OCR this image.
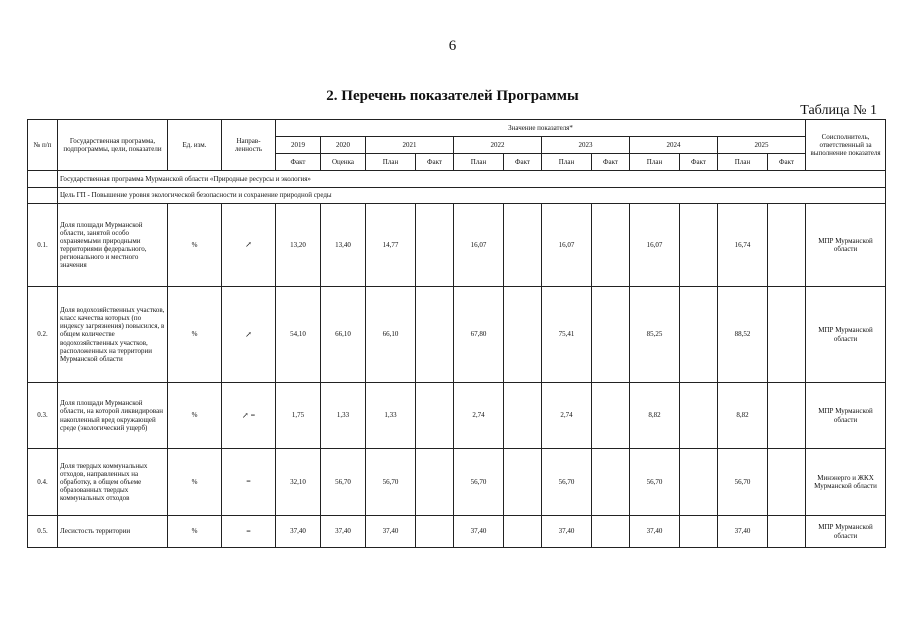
6
2. Перечень показателей Программы
Таблица № 1
№ п/п	Государственная программа, подпрограммы, цели, показатели	Ед. изм.	Направ-ленность	Значение показателя*												Соисполнитель, ответственный за выполнение показателя
				2019	2020	2021		2022		2023		2024		2025		
				Факт	Оценка	План	Факт	План	Факт	План	Факт	План	Факт	План	Факт	
	Государственная программа Мурманской области «Природные ресурсы и экология»															
	Цель ГП - Повышение уровня экологической безопасности и сохранение природной среды															
0.1.	Доля площади Мурманской области, занятой особо охраняемыми природными территориями федерального, регионального и местного значения	%	↗	13,20	13,40	14,77		16,07		16,07		16,07		16,74		МПР Мурманской области
0.2.	Доля водохозяйственных участков, класс качества которых (по индексу загрязнения) повысился, в общем количестве водохозяйственных участков, расположенных на территории Мурманской области	%	↗	54,10	66,10	66,10		67,80		75,41		85,25		88,52		МПР Мурманской области
0.3.	Доля площади Мурманской области, на которой ликвидирован накопленный вред окружающей среде (экологический ущерб)	%	↗ =	1,75	1,33	1,33		2,74		2,74		8,82		8,82		МПР Мурманской области
0.4.	Доля твердых коммунальных отходов, направленных на обработку, в общем объеме образованных твердых коммунальных отходов	%	=	32,10	56,70	56,70		56,70		56,70		56,70		56,70		Минэнерго и ЖКХ Мурманской области
0.5.	Лесистость территории	%	=	37,40	37,40	37,40		37,40		37,40		37,40		37,40		МПР Мурманской области
